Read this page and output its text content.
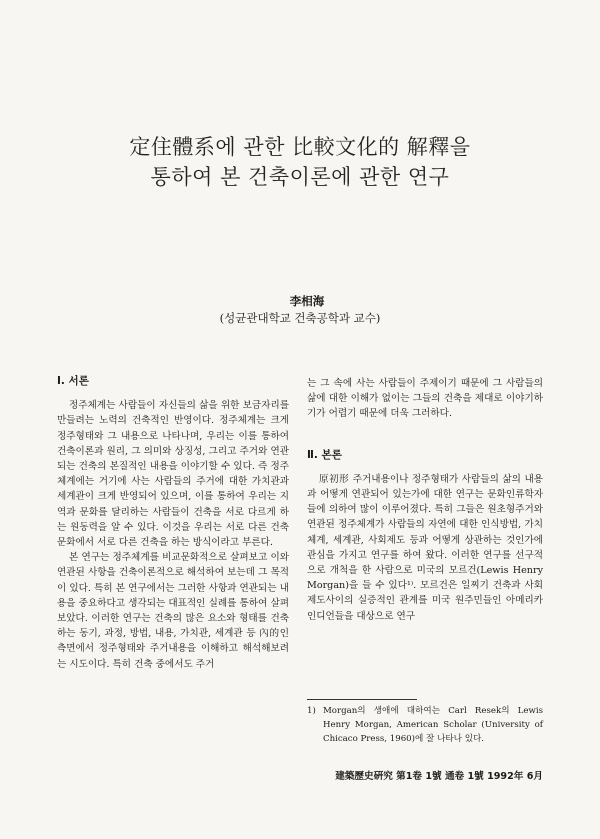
定住體系에 관한 比較文化的 解釋을
통하여 본 건축이론에 관한 연구
李相海
(성균관대학교 건축공학과 교수)
Ⅰ. 서론

정주체계는 사람들이 자신들의 삶을 위한 보금자리를 만들려는 노력의 건축적인 반영이다. 정주체계는 크게 정주형태와 그 내용으로 나타나며, 우리는 이를 통하여 건축이론과 원리, 그 의미와 상징성, 그리고 주거와 연관되는 건축의 본질적인 내용을 이야기할 수 있다. 즉 정주체계에는 거기에 사는 사람들의 주거에 대한 가치관과 세계관이 크게 반영되어 있으며, 이를 통하여 우리는 지역과 문화를 달리하는 사람들이 건축을 서로 다르게 하는 원동력을 알 수 있다. 이것을 우리는 서로 다른 건축문화에서 서로 다른 건축을 하는 방식이라고 부른다.

본 연구는 정주체계를 비교문화적으로 살펴보고 이와 연관된 사항을 건축이론적으로 해석하여 보는데 그 목적이 있다. 특히 본 연구에서는 그러한 사항과 연관되는 내용을 중요하다고 생각되는 대표적인 실례를 통하여 살펴 보았다. 이러한 연구는 건축의 많은 요소와 형태를 건축하는 동기, 과정, 방법, 내용, 가치관, 세계관 등 內的인 측면에서 정주형태와 주거내용을 이해하고 해석해보려는 시도이다. 특히 건축 중에서도 주거

는 그 속에 사는 사람들이 주제이기 때문에 그 사람들의 삶에 대한 이해가 없이는 그들의 건축을 제대로 이야기하기가 어렵기 때문에 더욱 그러하다.

Ⅱ. 본론

原初形 주거내용이나 정주형태가 사람들의 삶의 내용과 어떻게 연관되어 있는가에 대한 연구는 문화인류학자들에 의하여 많이 이루어졌다. 특히 그들은 원초형주거와 연관된 정주체계가 사람들의 자연에 대한 인식방법, 가치체계, 세계관, 사회제도 등과 어떻게 상관하는 것인가에 관심을 가지고 연구를 하여 왔다. 이러한 연구를 선구적으로 개척을 한 사람으로 미국의 모르건(Lewis Henry Morgan)을 들 수 있다¹⁾. 모르건은 일찌기 건축과 사회제도사이의 실증적인 관계를 미국 원주민들인 아메리카 인디언들을 대상으로 연구

1) Morgan의 생애에 대하여는 Carl Resek의 Lewis Henry Morgan, American Scholar (University of Chicaco Press, 1960)에 잘 나타나 있다.
建築歷史硏究 第1卷 1號 通卷 1號 1992年 6月
